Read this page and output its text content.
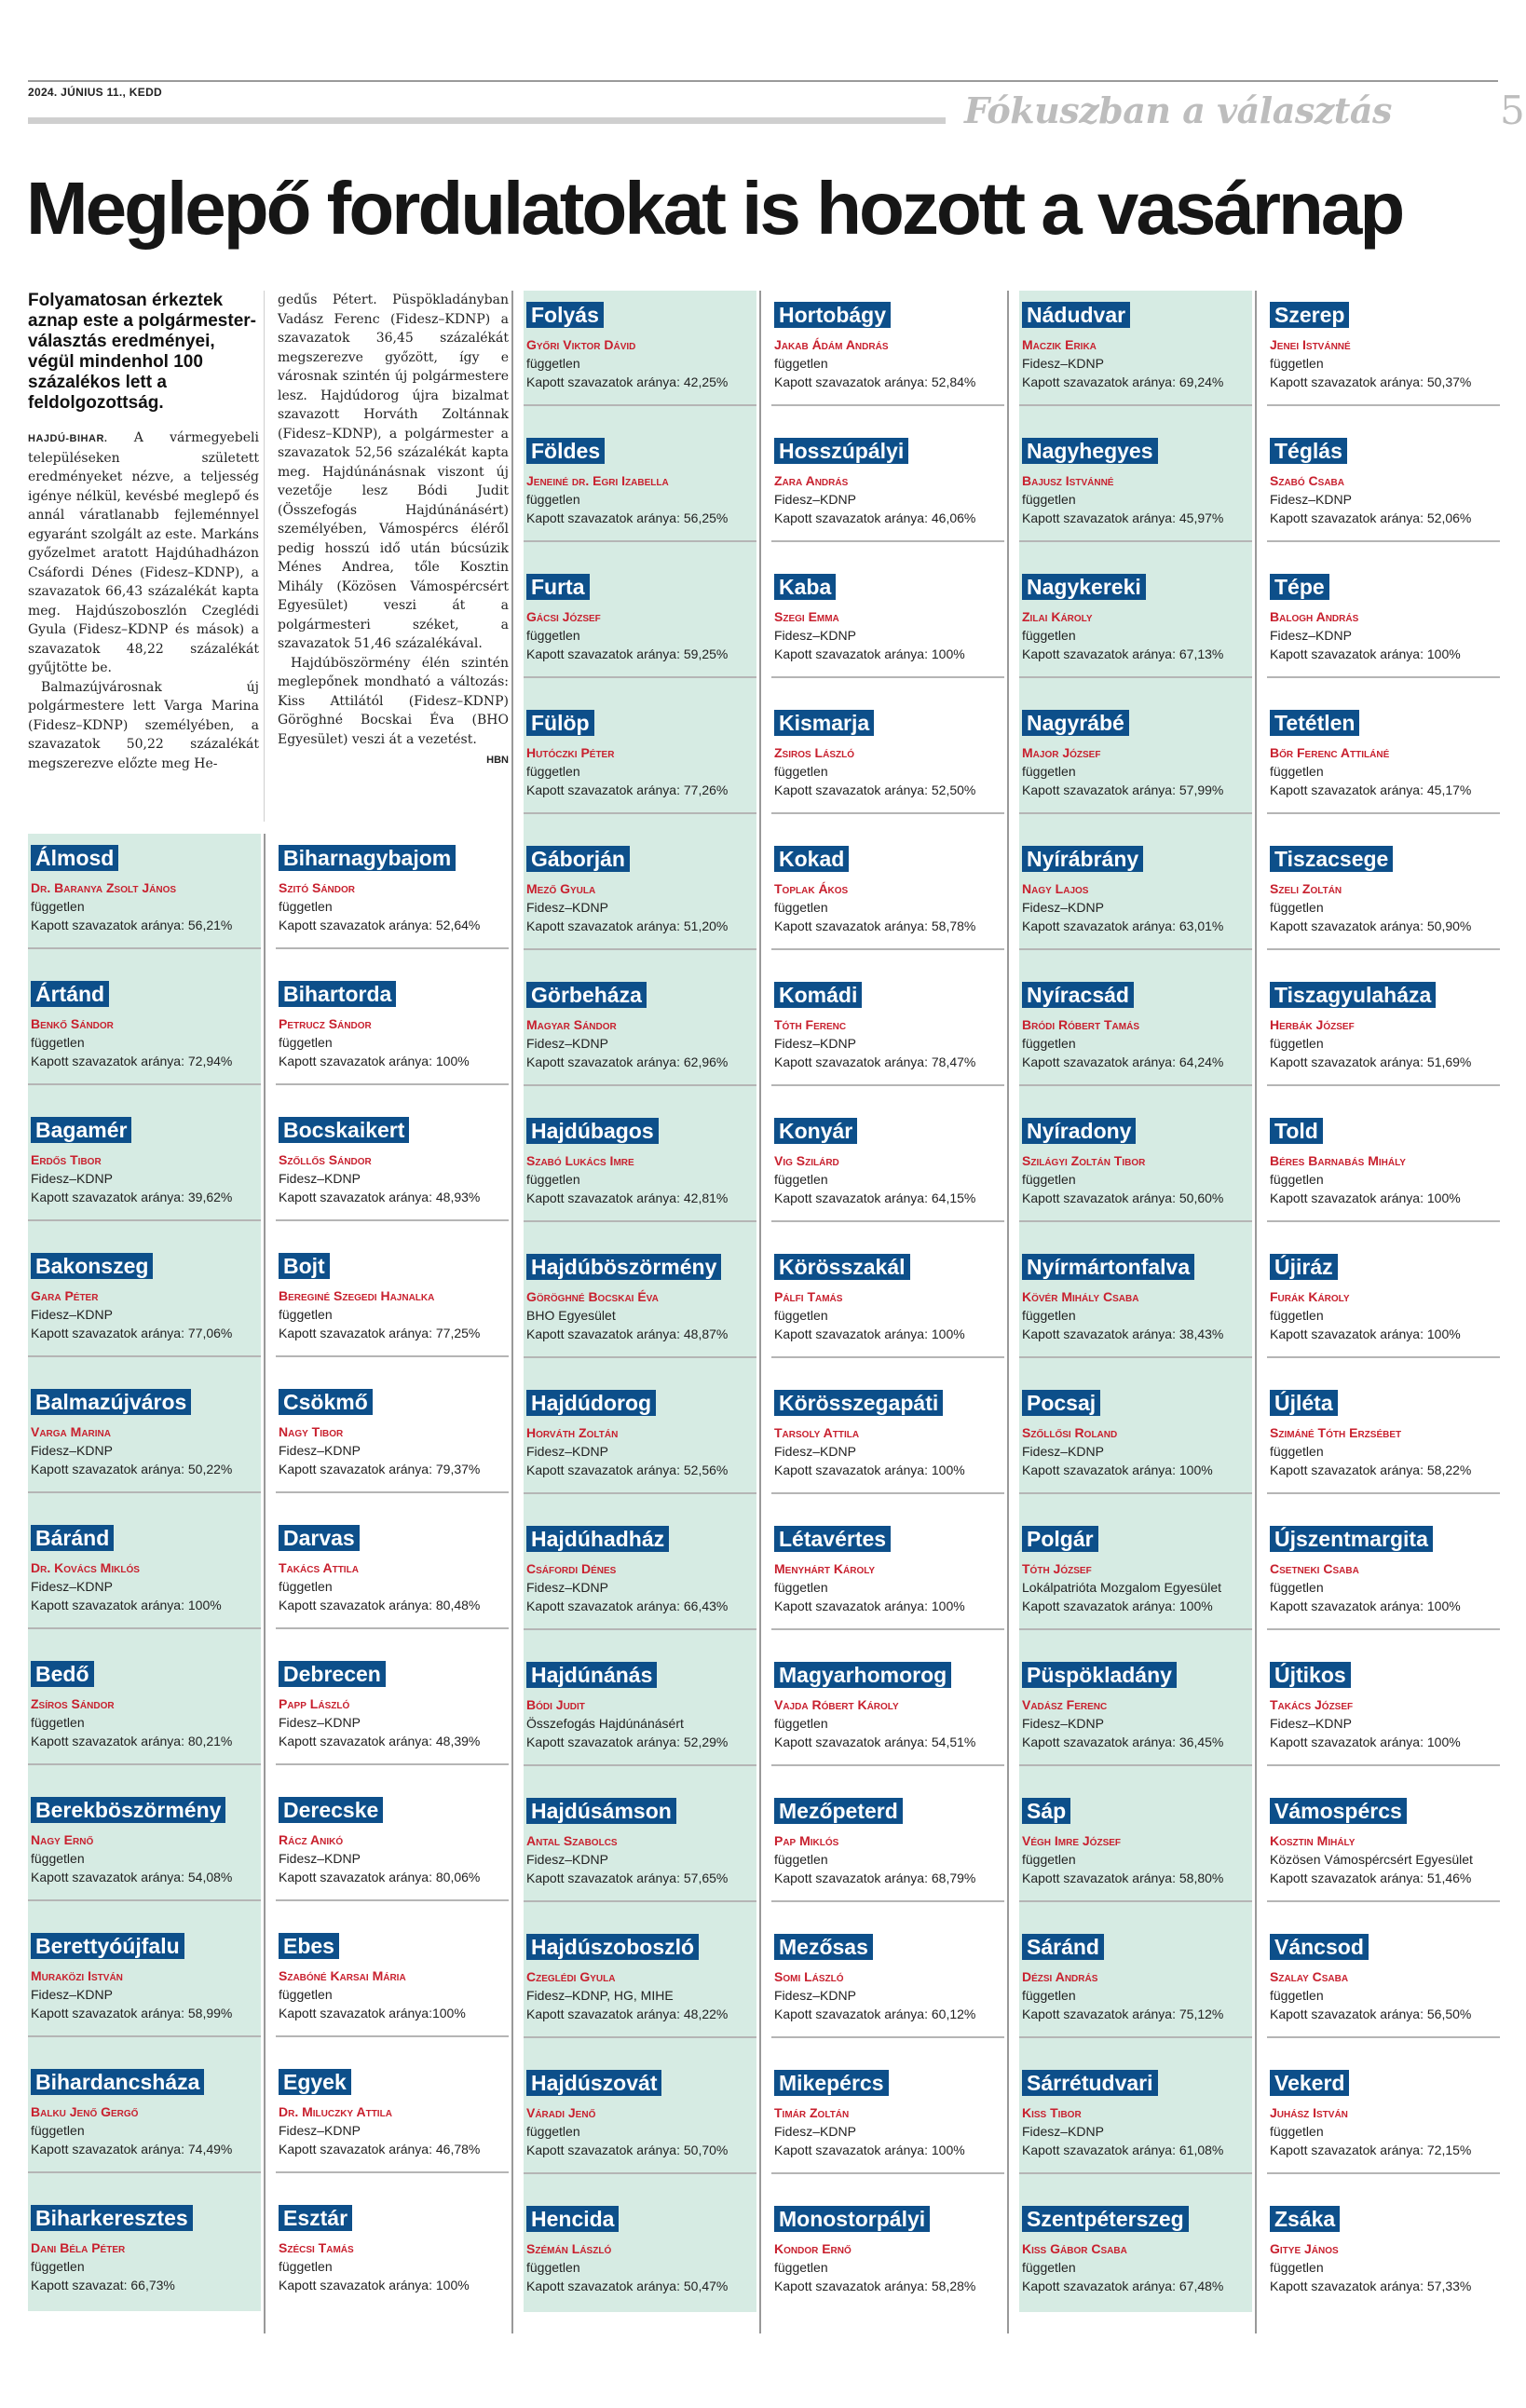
2024. JÚNIUS 11., KEDD	Fókuszban a választás	5
Meglepő fordulatokat is hozott a vasárnap
Folyamatosan érkeztek aznap este a polgármester-választás eredményei, végül mindenhol 100 százalékos lett a feldolgozottság.

HAJDÚ-BIHAR. A vármegyebeli településeken született eredményeket nézve, a teljesség igénye nélkül, kevésbé meglepő és annál váratlanabb fejleménnyel egyaránt szolgált az este. Markáns győzelmet aratott Hajdúhadházon Csáfordi Dénes (Fidesz–KDNP), a szavazatok 66,43 százalékát kapta meg. Hajdúszoboszlón Czeglédi Gyula (Fidesz–KDNP és mások) a szavazatok 48,22 százalékát gyűjtötte be.

Balmazújvárosnak új polgármestere lett Varga Marina (Fidesz–KDNP) személyében, a szavazatok 50,22 százalékát megszerezve előzte meg He-

gedűs Pétert. Püspökladányban Vadász Ferenc (Fidesz–KDNP) a szavazatok 36,45 százalékát megszerezve győzött, így e városnak szintén új polgármestere lesz. Hajdúdorog újra bizalmat szavazott Horváth Zoltánnak (Fidesz–KDNP), a polgármester a szavazatok 52,56 százalékát kapta meg. Hajdúnánásnak viszont új vezetője lesz Bódi Judit (Összefogás Hajdúnánásért) személyében, Vámospércs éléről pedig hosszú idő után búcsúzik Ménes Andrea, tőle Kosztin Mihály (Közösen Vámospércsért Egyesület) veszi át a polgármesteri széket, a szavazatok 51,46 százalékával.

Hajdúböszörmény élén szintén meglepőnek mondható a változás: Kiss Attilától (Fidesz–KDNP) Göröghné Bocskai Éva (BHO Egyesület) veszi át a vezetést.
HBN

Álmosd
Dr. Baranya Zsolt János
független
Kapott szavazatok aránya: 56,21%
Ártánd
Benkő Sándor
független
Kapott szavazatok aránya: 72,94%
Bagamér
Erdős Tibor
Fidesz–KDNP
Kapott szavazatok aránya: 39,62%
Bakonszeg
Gara Péter
Fidesz–KDNP
Kapott szavazatok aránya: 77,06%
Balmazújváros
Varga Marina
Fidesz–KDNP
Kapott szavazatok aránya: 50,22%
Báránd
Dr. Kovács Miklós
Fidesz–KDNP
Kapott szavazatok aránya: 100%
Bedő
Zsíros Sándor
független
Kapott szavazatok aránya: 80,21%
Berekböszörmény
Nagy Ernő
független
Kapott szavazatok aránya: 54,08%
Berettyóújfalu
Muraközi István
Fidesz–KDNP
Kapott szavazatok aránya: 58,99%
Bihardancsháza
Balku Jenő Gergő
független
Kapott szavazatok aránya: 74,49%
Biharkeresztes
Dani Béla Péter
független
Kapott szavazat: 66,73%
Biharnagybajom
Szitó Sándor
független
Kapott szavazatok aránya: 52,64%
Bihartorda
Petrucz Sándor
független
Kapott szavazatok aránya: 100%
Bocskaikert
Szőllős Sándor
Fidesz–KDNP
Kapott szavazatok aránya: 48,93%
Bojt
Bereginé Szegedi Hajnalka
független
Kapott szavazatok aránya: 77,25%
Csökmő
Nagy Tibor
Fidesz–KDNP
Kapott szavazatok aránya: 79,37%
Darvas
Takács Attila
független
Kapott szavazatok aránya: 80,48%
Debrecen
Papp László
Fidesz–KDNP
Kapott szavazatok aránya: 48,39%
Derecske
Rácz Anikó
Fidesz–KDNP
Kapott szavazatok aránya: 80,06%
Ebes
Szabóné Karsai Mária
független
Kapott szavazatok aránya:100%
Egyek
Dr. Miluczky Attila
Fidesz–KDNP
Kapott szavazatok aránya: 46,78%
Esztár
Szécsi Tamás
független
Kapott szavazatok aránya: 100%
Folyás
Győri Viktor Dávid
független
Kapott szavazatok aránya: 42,25%
Földes
Jeneiné dr. Egri Izabella
független
Kapott szavazatok aránya: 56,25%
Furta
Gácsi József
független
Kapott szavazatok aránya: 59,25%
Fülöp
Hutóczki Péter
független
Kapott szavazatok aránya: 77,26%
Gáborján
Mező Gyula
Fidesz–KDNP
Kapott szavazatok aránya: 51,20%
Görbeháza
Magyar Sándor
Fidesz–KDNP
Kapott szavazatok aránya: 62,96%
Hajdúbagos
Szabó Lukács Imre
független
Kapott szavazatok aránya: 42,81%
Hajdúböszörmény
Göröghné Bocskai Éva
BHO Egyesület
Kapott szavazatok aránya: 48,87%
Hajdúdorog
Horváth Zoltán
Fidesz–KDNP
Kapott szavazatok aránya: 52,56%
Hajdúhadház
Csáfordi Dénes
Fidesz–KDNP
Kapott szavazatok aránya: 66,43%
Hajdúnánás
Bódi Judit
Összefogás Hajdúnánásért
Kapott szavazatok aránya: 52,29%
Hajdúsámson
Antal Szabolcs
Fidesz–KDNP
Kapott szavazatok aránya: 57,65%
Hajdúszoboszló
Czeglédi Gyula
Fidesz–KDNP, HG, MIHE
Kapott szavazatok aránya: 48,22%
Hajdúszovát
Váradi Jenő
független
Kapott szavazatok aránya: 50,70%
Hencida
Szémán László
független
Kapott szavazatok aránya: 50,47%
Hortobágy
Jakab Ádám András
független
Kapott szavazatok aránya: 52,84%
Hosszúpályi
Zara András
Fidesz–KDNP
Kapott szavazatok aránya: 46,06%
Kaba
Szegi Emma
Fidesz–KDNP
Kapott szavazatok aránya: 100%
Kismarja
Zsiros László
független
Kapott szavazatok aránya: 52,50%
Kokad
Toplak Ákos
független
Kapott szavazatok aránya: 58,78%
Komádi
Tóth Ferenc
Fidesz–KDNP
Kapott szavazatok aránya: 78,47%
Konyár
Vig Szilárd
független
Kapott szavazatok aránya: 64,15%
Körösszakál
Pálfi Tamás
független
Kapott szavazatok aránya: 100%
Körösszegapáti
Tarsoly Attila
Fidesz–KDNP
Kapott szavazatok aránya: 100%
Létavértes
Menyhárt Károly
független
Kapott szavazatok aránya: 100%
Magyarhomorog
Vajda Róbert Károly
független
Kapott szavazatok aránya: 54,51%
Mezőpeterd
Pap Miklós
független
Kapott szavazatok aránya: 68,79%
Mezősas
Somi László
Fidesz–KDNP
Kapott szavazatok aránya: 60,12%
Mikepércs
Timár Zoltán
Fidesz–KDNP
Kapott szavazatok aránya: 100%
Monostorpályi
Kondor Ernő
független
Kapott szavazatok aránya: 58,28%
Nádudvar
Maczik Erika
Fidesz–KDNP
Kapott szavazatok aránya: 69,24%
Nagyhegyes
Bajusz Istvánné
független
Kapott szavazatok aránya: 45,97%
Nagykereki
Zilai Károly
független
Kapott szavazatok aránya: 67,13%
Nagyrábé
Major József
független
Kapott szavazatok aránya: 57,99%
Nyírábrány
Nagy Lajos
Fidesz–KDNP
Kapott szavazatok aránya: 63,01%
Nyíracsád
Bródi Róbert Tamás
független
Kapott szavazatok aránya: 64,24%
Nyíradony
Szilágyi Zoltán Tibor
független
Kapott szavazatok aránya: 50,60%
Nyírmártonfalva
Kövér Mihály Csaba
független
Kapott szavazatok aránya: 38,43%
Pocsaj
Szőllősi Roland
Fidesz–KDNP
Kapott szavazatok aránya: 100%
Polgár
Tóth József
Lokálpatrióta Mozgalom Egyesület
Kapott szavazatok aránya: 100%
Püspökladány
Vadász Ferenc
Fidesz–KDNP
Kapott szavazatok aránya: 36,45%
Sáp
Végh Imre József
független
Kapott szavazatok aránya: 58,80%
Sáránd
Dézsi András
független
Kapott szavazatok aránya: 75,12%
Sárrétudvari
Kiss Tibor
Fidesz–KDNP
Kapott szavazatok aránya: 61,08%
Szentpéterszeg
Kiss Gábor Csaba
független
Kapott szavazatok aránya: 67,48%
Szerep
Jenei Istvánné
független
Kapott szavazatok aránya: 50,37%
Téglás
Szabó Csaba
Fidesz–KDNP
Kapott szavazatok aránya: 52,06%
Tépe
Balogh András
Fidesz–KDNP
Kapott szavazatok aránya: 100%
Tetétlen
Bőr Ferenc Attiláné
független
Kapott szavazatok aránya: 45,17%
Tiszacsege
Szeli Zoltán
független
Kapott szavazatok aránya: 50,90%
Tiszagyulaháza
Herbák József
független
Kapott szavazatok aránya: 51,69%
Told
Béres Barnabás Mihály
független
Kapott szavazatok aránya: 100%
Újiráz
Furák Károly
független
Kapott szavazatok aránya: 100%
Újléta
Szimáné Tóth Erzsébet
független
Kapott szavazatok aránya: 58,22%
Újszentmargita
Csetneki Csaba
független
Kapott szavazatok aránya: 100%
Újtikos
Takács József
Fidesz–KDNP
Kapott szavazatok aránya: 100%
Vámospércs
Kosztin Mihály
Közösen Vámospércsért Egyesület
Kapott szavazatok aránya: 51,46%
Váncsod
Szalay Csaba
független
Kapott szavazatok aránya: 56,50%
Vekerd
Juhász István
független
Kapott szavazatok aránya: 72,15%
Zsáka
Gitye János
független
Kapott szavazatok aránya: 57,33%
